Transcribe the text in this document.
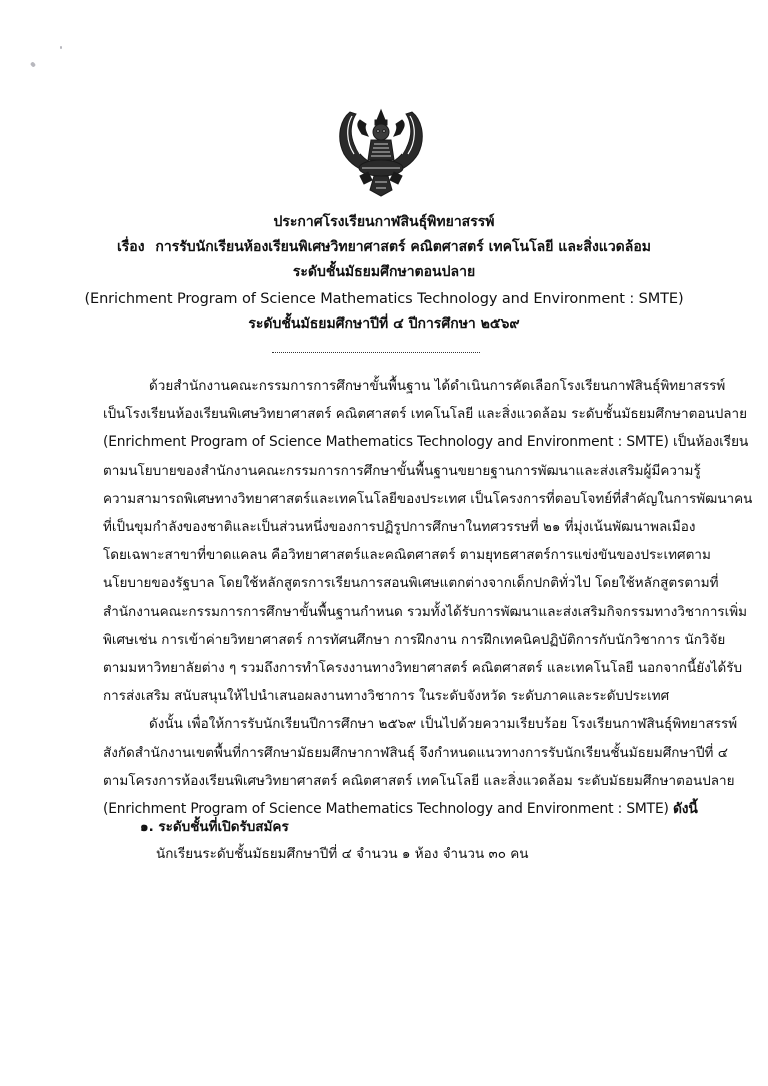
ประกาศโรงเรียนกาฬสินธุ์พิทยาสรรพ์
เรื่อง การรับนักเรียนห้องเรียนพิเศษวิทยาศาสตร์ คณิตศาสตร์ เทคโนโลยี และสิ่งแวดล้อม
ระดับชั้นมัธยมศึกษาตอนปลาย
(Enrichment Program of Science Mathematics Technology and Environment : SMTE)
ระดับชั้นมัธยมศึกษาปีที่ ๔ ปีการศึกษา ๒๕๖๙
ด้วยสำนักงานคณะกรรมการการศึกษาขั้นพื้นฐาน ได้ดำเนินการคัดเลือกโรงเรียนกาฬสินธุ์พิทยาสรรพ์
เป็นโรงเรียนห้องเรียนพิเศษวิทยาศาสตร์ คณิตศาสตร์ เทคโนโลยี และสิ่งแวดล้อม ระดับชั้นมัธยมศึกษาตอนปลาย
(Enrichment Program of Science Mathematics Technology and Environment : SMTE) เป็นห้องเรียน
ตามนโยบายของสำนักงานคณะกรรมการการศึกษาขั้นพื้นฐานขยายฐานการพัฒนาและส่งเสริมผู้มีความรู้
ความสามารถพิเศษทางวิทยาศาสตร์และเทคโนโลยีของประเทศ เป็นโครงการที่ตอบโจทย์ที่สำคัญในการพัฒนาคน
ที่เป็นขุมกำลังของชาติและเป็นส่วนหนึ่งของการปฏิรูปการศึกษาในทศวรรษที่ ๒๑ ที่มุ่งเน้นพัฒนาพลเมือง
โดยเฉพาะสาขาที่ขาดแคลน คือวิทยาศาสตร์และคณิตศาสตร์ ตามยุทธศาสตร์การแข่งขันของประเทศตาม
นโยบายของรัฐบาล โดยใช้หลักสูตรการเรียนการสอนพิเศษแตกต่างจากเด็กปกติทั่วไป โดยใช้หลักสูตรตามที่
สำนักงานคณะกรรมการการศึกษาขั้นพื้นฐานกำหนด รวมทั้งได้รับการพัฒนาและส่งเสริมกิจกรรมทางวิชาการเพิ่ม
พิเศษเช่น การเข้าค่ายวิทยาศาสตร์ การทัศนศึกษา การฝึกงาน การฝึกเทคนิคปฏิบัติการกับนักวิชาการ นักวิจัย
ตามมหาวิทยาลัยต่าง ๆ รวมถึงการทำโครงงานทางวิทยาศาสตร์ คณิตศาสตร์ และเทคโนโลยี นอกจากนี้ยังได้รับ
การส่งเสริม สนับสนุนให้ไปนำเสนอผลงานทางวิชาการ ในระดับจังหวัด ระดับภาคและระดับประเทศ
ดังนั้น เพื่อให้การรับนักเรียนปีการศึกษา ๒๕๖๙ เป็นไปด้วยความเรียบร้อย โรงเรียนกาฬสินธุ์พิทยาสรรพ์
สังกัดสำนักงานเขตพื้นที่การศึกษามัธยมศึกษากาฬสินธุ์ จึงกำหนดแนวทางการรับนักเรียนชั้นมัธยมศึกษาปีที่ ๔
ตามโครงการห้องเรียนพิเศษวิทยาศาสตร์ คณิตศาสตร์ เทคโนโลยี และสิ่งแวดล้อม ระดับมัธยมศึกษาตอนปลาย
(Enrichment Program of Science Mathematics Technology and Environment : SMTE) ดังนี้
๑. ระดับชั้นที่เปิดรับสมัคร
นักเรียนระดับชั้นมัธยมศึกษาปีที่ ๔ จำนวน ๑ ห้อง จำนวน ๓๐ คน
